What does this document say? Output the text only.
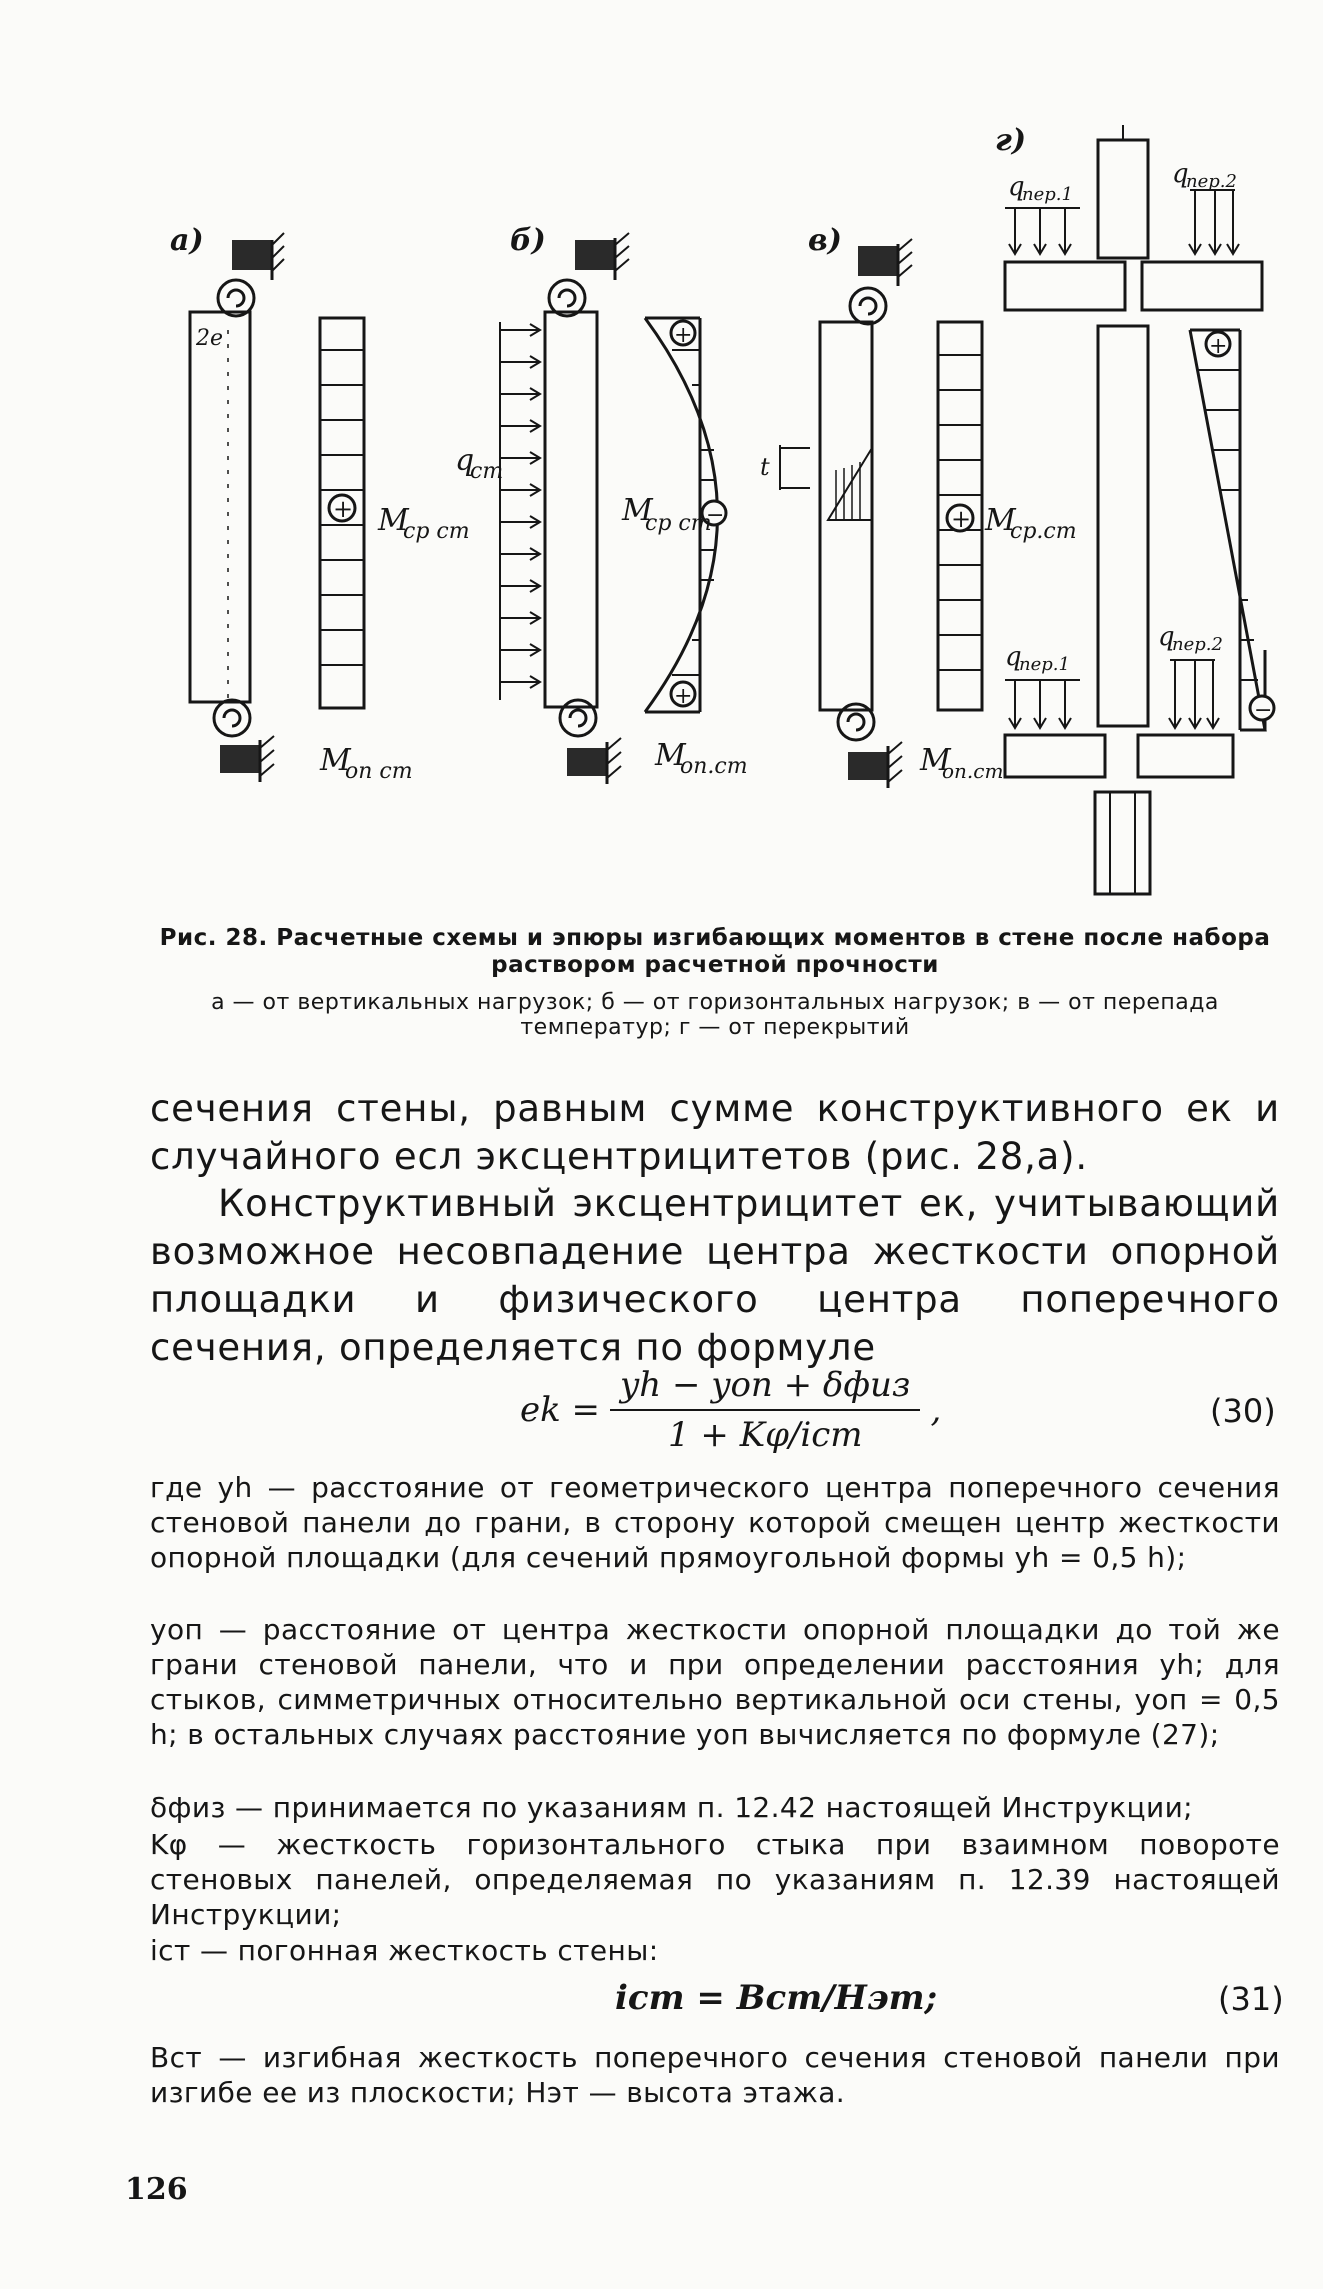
а)	б)	в)
г)
2e
M
ср ст
M
оп ст
q
ст
M
ср ст
M
оп.ст
t
M
ср.ст
M
оп.ст
q
пер.1
q
пер.2
q
пер.1
q
пер.2
+
+
−
+
+
+
−
Рис. 28. Расчетные схемы и эпюры изгибающих моментов в стене после набора раствором расчетной прочности
а — от вертикальных нагрузок; б — от горизонтальных нагрузок; в — от перепада температур; г — от перекрытий
сечения стены, равным сумме конструктивного eк и случайного eсл эксцентрицитетов (рис. 28,а).
Конструктивный эксцентрицитет eк, учитывающий возможное несовпадение центра жесткости опорной площадки и физического центра поперечного сечения, определяется по формуле
ek = $\frac{\text{yh − yоп + δфиз}}{\text{1 + Kφ/iст}}$ ,	(30)
где yh — расстояние от геометрического центра поперечного сечения стеновой панели до грани, в сторону которой смещен центр жесткости опорной площадки (для сечений прямоугольной формы yh = 0,5 h);
yоп — расстояние от центра жесткости опорной площадки до той же грани стеновой панели, что и при определении расстояния yh; для стыков, симметричных относительно вертикальной оси стены, yоп = 0,5 h; в остальных случаях расстояние yоп вычисляется по формуле (27);
δфиз — принимается по указаниям п. 12.42 настоящей Инструкции;
Kφ — жесткость горизонтального стыка при взаимном повороте стеновых панелей, определяемая по указаниям п. 12.39 настоящей Инструкции;
iст — погонная жесткость стены:
iст = Bст/Hэт;	(31)
Bст — изгибная жесткость поперечного сечения стеновой панели при изгибе ее из плоскости; Hэт — высота этажа.
126
